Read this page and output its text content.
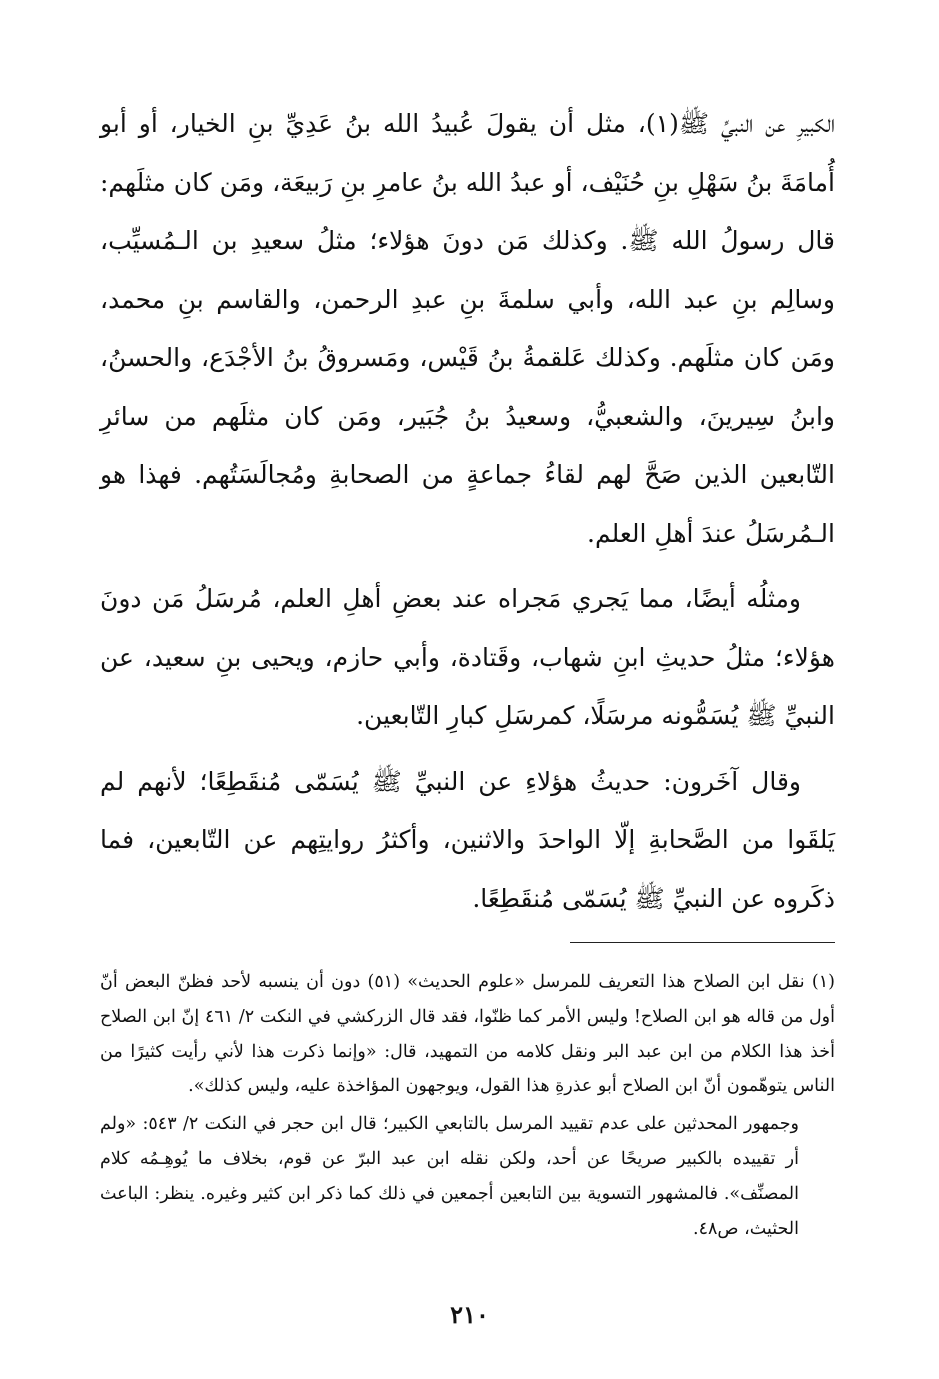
الكبيرِ عن النبيِّ ﷺ(١)، مثل أن يقولَ عُبيدُ الله بنُ عَدِيِّ بنِ الخيار، أو أبو أُمامَةَ بنُ سَهْلِ بنِ حُنَيْف، أو عبدُ الله بنُ عامرِ بنِ رَبيعَة، ومَن كان مثلَهم: قال رسولُ الله ﷺ. وكذلك مَن دونَ هؤلاء؛ مثلُ سعيدِ بن الـمُسيِّب، وسالِم بنِ عبد الله، وأبي سلمةَ بنِ عبدِ الرحمن، والقاسم بنِ محمد، ومَن كان مثلَهم. وكذلك عَلقمةُ بنُ قَيْس، ومَسروقُ بنُ الأجْدَع، والحسنُ، وابنُ سِيرينَ، والشعبيُّ، وسعيدُ بنُ جُبَير، ومَن كان مثلَهم من سائرِ التّابعين الذين صَحَّ لهم لقاءُ جماعةٍ من الصحابةِ ومُجالَسَتُهم. فهذا هو الـمُرسَلُ عندَ أهلِ العلم.

ومثلُه أيضًا، مما يَجري مَجراه عند بعضِ أهلِ العلم، مُرسَلُ مَن دونَ هؤلاء؛ مثلُ حديثِ ابنِ شهاب، وقَتادة، وأبي حازم، ويحيى بنِ سعيد، عن النبيِّ ﷺ يُسَمُّونه مرسَلًا، كمرسَلِ كبارِ التّابعين.

وقال آخَرون: حديثُ هؤلاءِ عن النبيِّ ﷺ يُسَمّى مُنقَطِعًا؛ لأنهم لم يَلقَوا من الصَّحابةِ إلّا الواحدَ والاثنين، وأكثرُ روايتِهم عن التّابعين، فما ذكَروه عن النبيِّ ﷺ يُسَمّى مُنقَطِعًا.

(١) نقل ابن الصلاح هذا التعريف للمرسل «علوم الحديث» (٥١) دون أن ينسبه لأحد فظنّ البعض أنّ أول من قاله هو ابن الصلاح! وليس الأمر كما ظنّوا، فقد قال الزركشي في النكت ٢/ ٤٦١ إنّ ابن الصلاح أخذ هذا الكلام من ابن عبد البر ونقل كلامه من التمهيد، قال: «وإنما ذكرت هذا لأني رأيت كثيرًا من الناس يتوهّمون أنّ ابن الصلاح أبو عذرةِ هذا القول، ويوجهون المؤاخذة عليه، وليس كذلك».

وجمهور المحدثين على عدم تقييد المرسل بالتابعي الكبير؛ قال ابن حجر في النكت ٢/ ٥٤٣: «ولم أر تقييده بالكبير صريحًا عن أحد، ولكن نقله ابن عبد البرّ عن قوم، بخلاف ما يُوهِـمُه كلام المصنِّف». فالمشهور التسوية بين التابعين أجمعين في ذلك كما ذكر ابن كثير وغيره. ينظر: الباعث الحثيث، ص٤٨.

٢١٠
